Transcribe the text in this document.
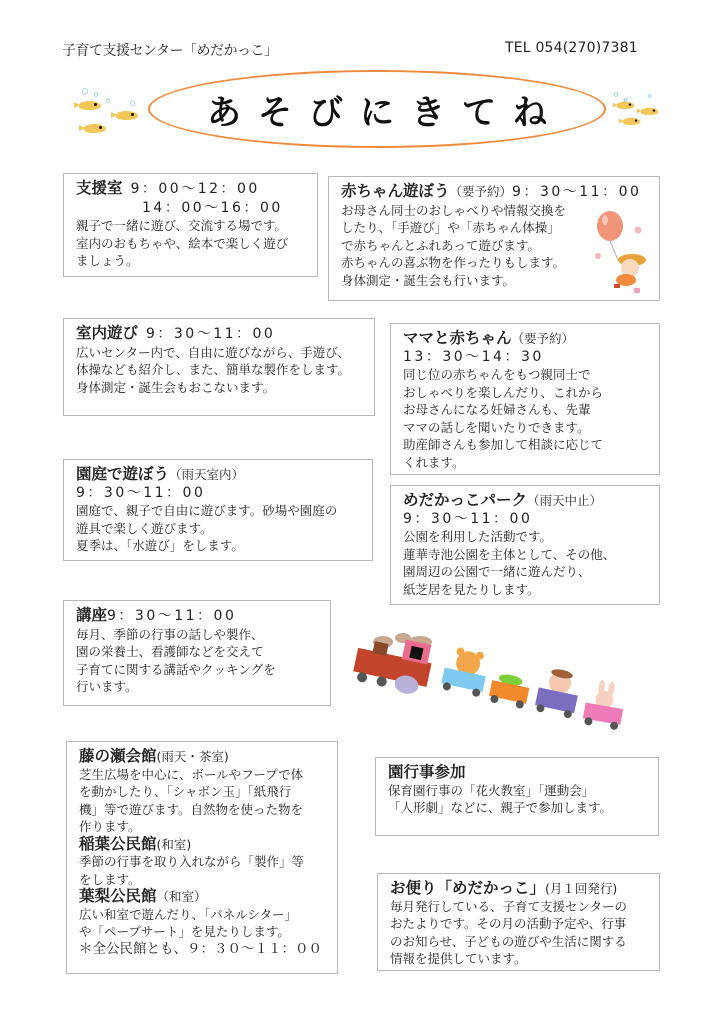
子育て支援センター「めだかっこ」	TEL 054(270)7381
あそびにきてね
支援室 9：00～12：00
14：00～16：00
親子で一緒に遊び、交流する場です。
室内のおもちゃや、絵本で楽しく遊び
ましょう。
赤ちゃん遊ぼう（要予約）9：30～11：00
お母さん同士のおしゃべりや情報交換を
したり、「手遊び」や「赤ちゃん体操」
で赤ちゃんとふれあって遊びます。
赤ちゃんの喜ぶ物を作ったりもします。
身体測定・誕生会も行います。
室内遊び 9：30～11：00
広いセンター内で、自由に遊びながら、手遊び、
体操なども紹介し、また、簡単な製作をします。
身体測定・誕生会もおこないます。
ママと赤ちゃん（要予約）
13：30～14：30
同じ位の赤ちゃんをもつ親同士で
おしゃべりを楽しんだり、これから
お母さんになる妊婦さんも、先輩
ママの話しを聞いたりできます。
助産師さんも参加して相談に応じて
くれます。
園庭で遊ぼう（雨天室内）
9：30～11：00
園庭で、親子で自由に遊びます。砂場や園庭の
遊具で楽しく遊びます。
夏季は、「水遊び」をします。
めだかっこパーク（雨天中止）
9：30～11：00
公園を利用した活動です。
蓮華寺池公園を主体として、その他、
園周辺の公園で一緒に遊んだり、
紙芝居を見たりします。
講座9：30～11：00
毎月、季節の行事の話しや製作、
園の栄養士、看護師などを交えて
子育てに関する講話やクッキングを
行います。
藤の瀬会館(雨天・茶室)
芝生広場を中心に、ボールやフープで体
を動かしたり、「シャボン玉」「紙飛行
機」等で遊びます。自然物を使った物を
作ります。
稲葉公民館(和室)
季節の行事を取り入れながら「製作」等
をします。
葉梨公民館（和室）
広い和室で遊んだり、「パネルシター」
や「ペープサート」を見たりします。
＊全公民館とも、９：３０～１１：００
園行事参加
保育園行事の「花火教室」「運動会」
「人形劇」などに、親子で参加します。
お便り「めだかっこ」(月１回発行)
毎月発行している、子育て支援センターの
おたよりです。その月の活動予定や、行事
のお知らせ、子どもの遊びや生活に関する
情報を提供しています。
